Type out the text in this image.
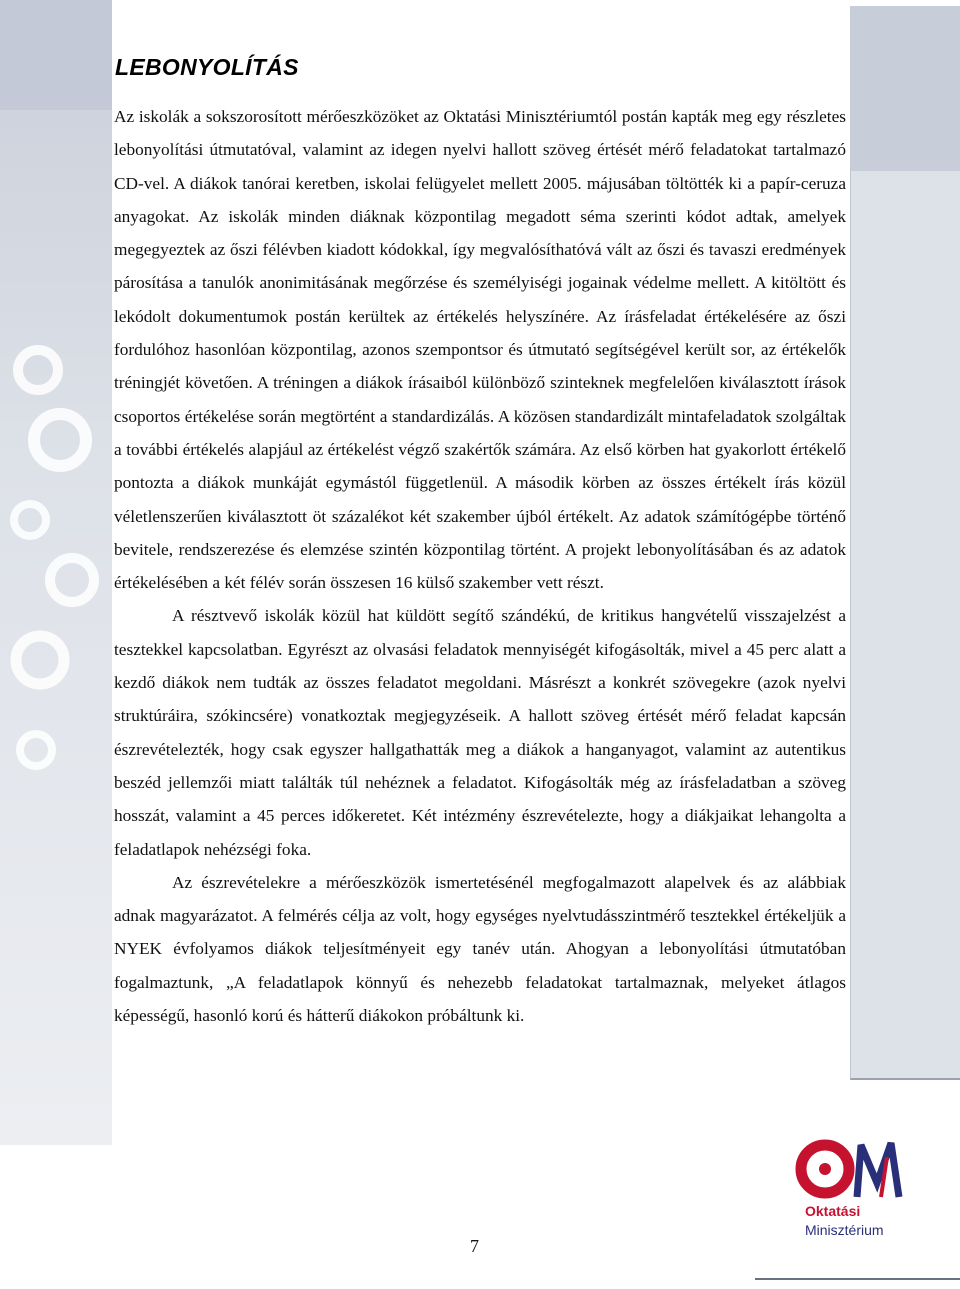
LEBONYOLÍTÁS

Az iskolák a sokszorosított mérőeszközöket az Oktatási Minisztériumtól postán kapták meg egy részletes lebonyolítási útmutatóval, valamint az idegen nyelvi hallott szöveg értését mérő feladatokat tartalmazó CD-vel. A diákok tanórai keretben, iskolai felügyelet mellett 2005. májusában töltötték ki a papír-ceruza anyagokat. Az iskolák minden diáknak központilag megadott séma szerinti kódot adtak, amelyek megegyeztek az őszi félévben kiadott kódokkal, így megvalósíthatóvá vált az őszi és tavaszi eredmények párosítása a tanulók anonimitásának megőrzése és személyiségi jogainak védelme mellett. A kitöltött és lekódolt dokumentumok postán kerültek az értékelés helyszínére. Az írásfeladat értékelésére az őszi fordulóhoz hasonlóan központilag, azonos szempontsor és útmutató segítségével került sor, az értékelők tréningjét követően. A tréningen a diákok írásaiból különböző szinteknek megfelelően kiválasztott írások csoportos értékelése során megtörtént a standardizálás. A közösen standardizált mintafeladatok szolgáltak a további értékelés alapjául az értékelést végző szakértők számára. Az első körben hat gyakorlott értékelő pontozta a diákok munkáját egymástól függetlenül. A második körben az összes értékelt írás közül véletlenszerűen kiválasztott öt százalékot két szakember újból értékelt. Az adatok számítógépbe történő bevitele, rendszerezése és elemzése szintén központilag történt. A projekt lebonyolításában és az adatok értékelésében a két félév során összesen 16 külső szakember vett részt.

A résztvevő iskolák közül hat küldött segítő szándékú, de kritikus hangvételű visszajelzést a tesztekkel kapcsolatban. Egyrészt az olvasási feladatok mennyiségét kifogásolták, mivel a 45 perc alatt a kezdő diákok nem tudták az összes feladatot megoldani. Másrészt a konkrét szövegekre (azok nyelvi struktúráira, szókincsére) vonatkoztak megjegyzéseik. A hallott szöveg értését mérő feladat kapcsán észrevételezték, hogy csak egyszer hallgathatták meg a diákok a hanganyagot, valamint az autentikus beszéd jellemzői miatt találták túl nehéznek a feladatot. Kifogásolták még az írásfeladatban a szöveg hosszát, valamint a 45 perces időkeretet. Két intézmény észrevételezte, hogy a diákjaikat lehangolta a feladatlapok nehézségi foka.

Az észrevételekre a mérőeszközök ismertetésénél megfogalmazott alapelvek és az alábbiak adnak magyarázatot. A felmérés célja az volt, hogy egységes nyelvtudásszintmérő tesztekkel értékeljük a NYEK évfolyamos diákok teljesítményeit egy tanév után. Ahogyan a lebonyolítási útmutatóban fogalmaztunk, „A feladatlapok könnyű és nehezebb feladatokat tartalmaznak, melyeket átlagos képességű, hasonló korú és hátterű diákokon próbáltunk ki.

7
Oktatási
Minisztérium
